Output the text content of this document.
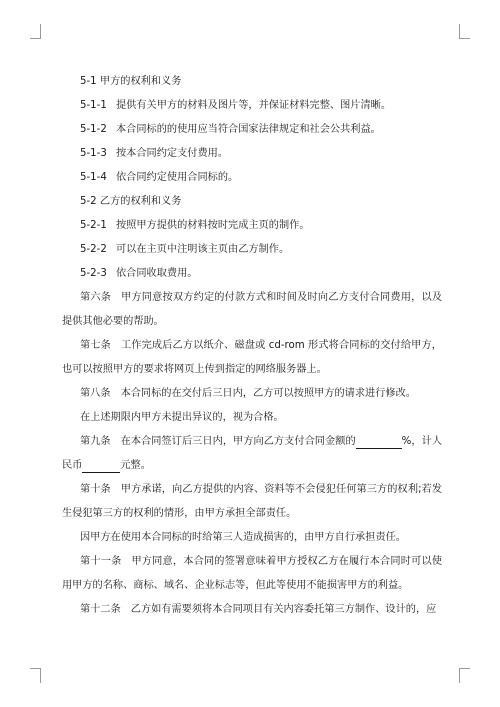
5-1 甲方的权利和义务

5-1-1 提供有关甲方的材料及图片等，并保证材料完整、图片清晰。

5-1-2 本合同标的的使用应当符合国家法律规定和社会公共利益。

5-1-3 按本合同约定支付费用。

5-1-4 依合同约定使用合同标的。

5-2 乙方的权利和义务

5-2-1 按照甲方提供的材料按时完成主页的制作。

5-2-2 可以在主页中注明该主页由乙方制作。

5-2-3 依合同收取费用。

第六条 甲方同意按双方约定的付款方式和时间及时向乙方支付合同费用，以及提供其他必要的帮助。

第七条 工作完成后乙方以纸介、磁盘或 cd-rom 形式将合同标的交付给甲方，也可以按照甲方的要求将网页上传到指定的网络服务器上。

第八条 本合同标的在交付后三日内，乙方可以按照甲方的请求进行修改。

在上述期限内甲方未提出异议的，视为合格。

第九条 在本合同签订后三日内，甲方向乙方支付合同金额的	%，计人民币	元整。

第十条 甲方承诺，向乙方提供的内容、资料等不会侵犯任何第三方的权利;若发生侵犯第三方的权利的情形，由甲方承担全部责任。

因甲方在使用本合同标的时给第三人造成损害的，由甲方自行承担责任。

第十一条 甲方同意，本合同的签署意味着甲方授权乙方在履行本合同时可以使用甲方的名称、商标、域名、企业标志等，但此等使用不能损害甲方的利益。

第十二条 乙方如有需要须将本合同项目有关内容委托第三方制作、设计的，应
